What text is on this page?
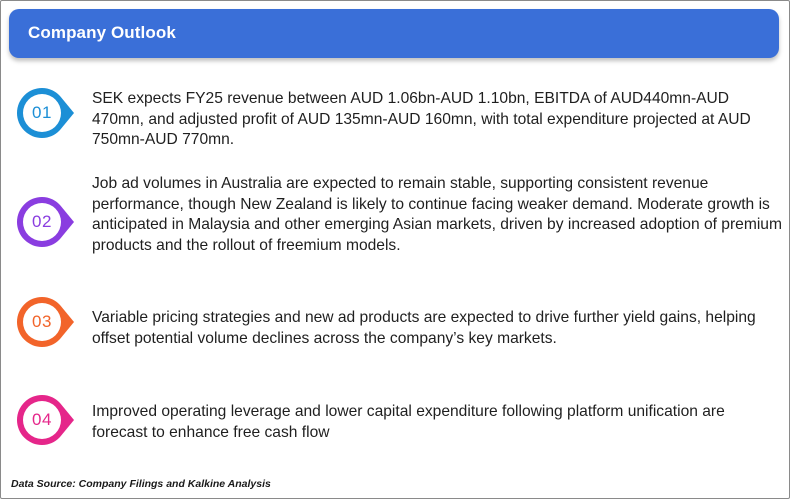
Company Outlook
01
SEK expects FY25 revenue between AUD 1.06bn-AUD 1.10bn, EBITDA of AUD440mn-AUD 470mn, and adjusted profit of AUD 135mn-AUD 160mn, with total expenditure projected at AUD 750mn-AUD 770mn.
02
Job ad volumes in Australia are expected to remain stable, supporting consistent revenue performance, though New Zealand is likely to continue facing weaker demand. Moderate growth is anticipated in Malaysia and other emerging Asian markets, driven by increased adoption of premium products and the rollout of freemium models.
03	Variable pricing strategies and new ad products are expected to drive further yield gains, helping offset potential volume declines across the company’s key markets.
04	Improved operating leverage and lower capital expenditure following platform unification are forecast to enhance free cash flow
Data Source: Company Filings and Kalkine Analysis
